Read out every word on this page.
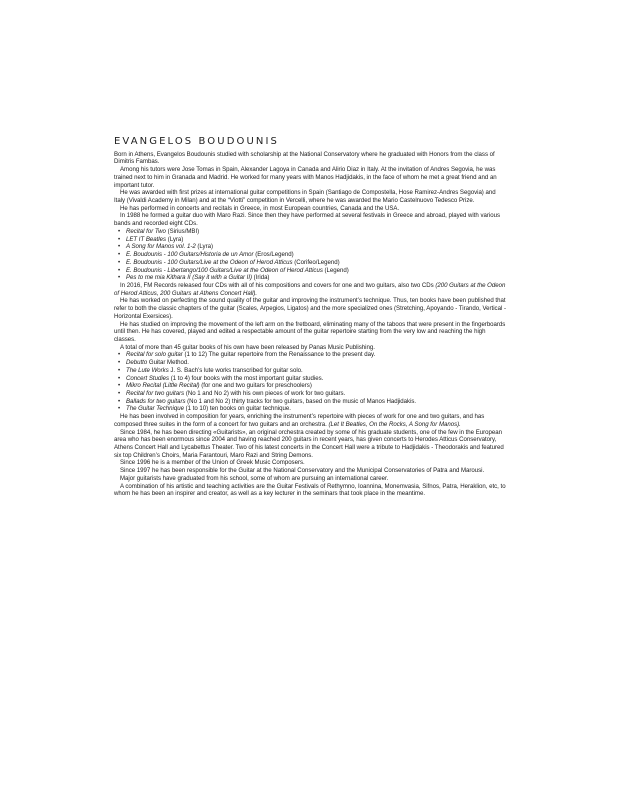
EVANGELOS BOUDOUNIS

Born in Athens, Evangelos Boudounis studied with scholarship at the National Conservatory where he graduated with Honors from the class of Dimitris Fambas.

Among his tutors were Jose Tomas in Spain, Alexander Lagoya in Canada and Alirio Diaz in Italy. At the invitation of Andres Segovia, he was trained next to him in Granada and Madrid. He worked for many years with Manos Hadjidakis, in the face of whom he met a great friend and an important tutor.

He was awarded with first prizes at international guitar competitions in Spain (Santiago de Compostella, Hose Ramirez-Andres Segovia) and Italy (Vivaldi Academy in Milan) and at the “Viotti” competition in Vercelli, where he was awarded the Mario Castelnuovo Tedesco Prize.

He has performed in concerts and recitals in Greece, in most European countries, Canada and the USA.

In 1988 he formed a guitar duo with Maro Razi. Since then they have performed at several festivals in Greece and abroad, played with various bands and recorded eight CDs.

• Recital for Two (Sirius/MBI)
• LET IT Beatles (Lyra)
• A Song for Manos vol. 1-2 (Lyra)
• E. Boudounis - 100 Guitars/Historia de un Amor (Eros/Legend)
• E. Boudounis - 100 Guitars/Live at the Odeon of Herod Atticus (Corifeo/Legend)
• E. Boudounis - Libertango/100 Guitars/Live at the Odeon of Herod Atticus (Legend)
• Pes to me mia Kithara II (Say it with a Guitar II) (Irida)

In 2016, FM Records released four CDs with all of his compositions and covers for one and two guitars, also two CDs (200 Guitars at the Odeon of Herod Atticus, 200 Guitars at Athens Concert Hall).

He has worked on perfecting the sound quality of the guitar and improving the instrument’s technique. Thus, ten books have been published that refer to both the classic chapters of the guitar (Scales, Arpegios, Ligatos) and the more specialized ones (Stretching, Apoyando - Tirando, Vertical - Horizontal Exersices).

He has studied on improving the movement of the left arm on the fretboard, eliminating many of the taboos that were present in the fingerboards until then. He has covered, played and edited a respectable amount of the guitar repertoire starting from the very low and reaching the high classes.

A total of more than 45 guitar books of his own have been released by Panas Music Publishing.

• Recital for solo guitar (1 to 12) The guitar repertoire from the Renaissance to the present day.
• Debutto Guitar Method.
• The Lute Works J. S. Bach’s lute works transcribed for guitar solo.
• Concert Studies (1 to 4) four books with the most important guitar studies.
• Mikro Recital (Little Recital) (for one and two guitars for preschoolers)
• Recital for two guitars (No 1 and No 2) with his own pieces of work for two guitars.
• Ballads for two guitars (No 1 and No 2) thirty tracks for two guitars, based on the music of Manos Hadjidakis.
• The Guitar Technique (1 to 10) ten books on guitar technique.

He has been involved in composition for years, enriching the instrument’s repertoire with pieces of work for one and two guitars, and has composed three suites in the form of a concert for two guitars and an orchestra. (Let It Beatles, On the Rocks, A Song for Manos).

Since 1984, he has been directing «Guitarists», an original orchestra created by some of his graduate students, one of the few in the European area who has been enormous since 2004 and having reached 200 guitars in recent years, has given concerts to Herodes Atticus Conservatory, Athens Concert Hall and Lycabettus Theater. Two of his latest concerts in the Concert Hall were a tribute to Hadjidakis - Theodorakis and featured six top Children’s Choirs, Maria Farantouri, Maro Razi and String Demons.

Since 1996 he is a member of the Union of Greek Music Composers.

Since 1997 he has been responsible for the Guitar at the National Conservatory and the Municipal Conservatories of Patra and Marousi.

Major guitarists have graduated from his school, some of whom are pursuing an international career.

A combination of his artistic and teaching activities are the Guitar Festivals of Rethymno, Ioannina, Monemvasia, Sifnos, Patra, Heraklion, etc, to whom he has been an inspirer and creator, as well as a key lecturer in the seminars that took place in the meantime.
